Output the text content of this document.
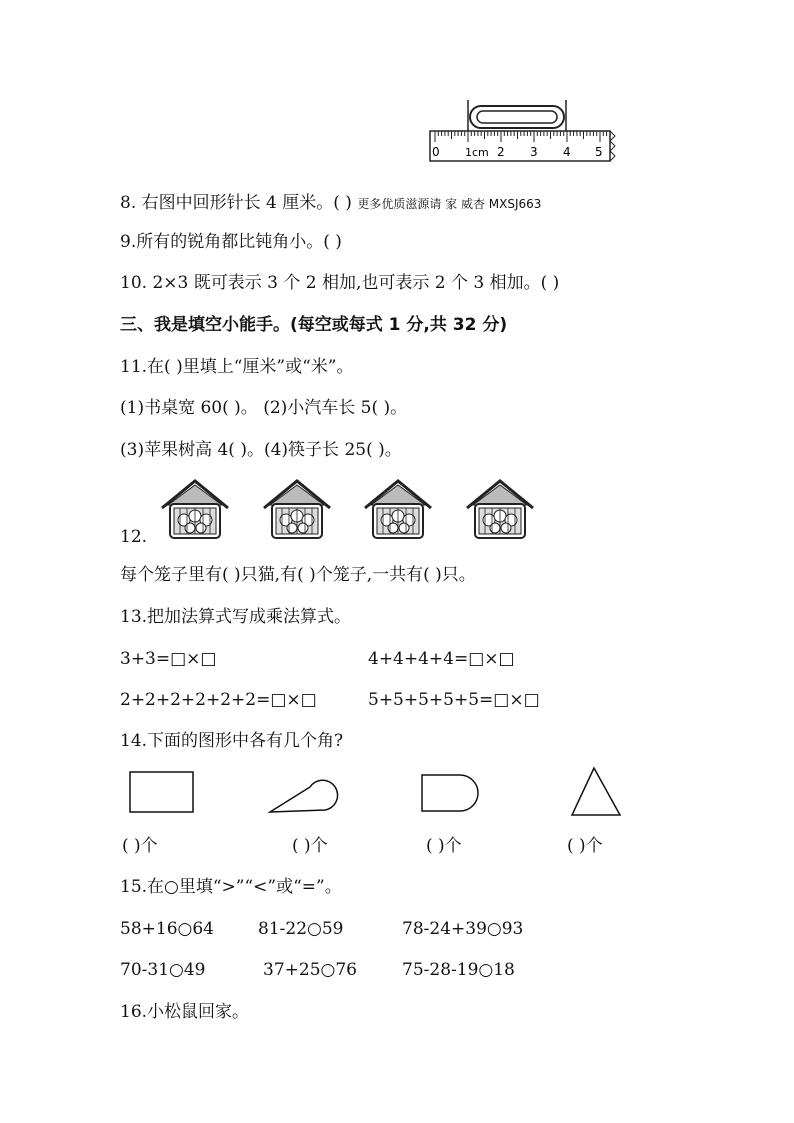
0 1cm 2 3 4 5
8. 右图中回形针长 4 厘米。( ) 更多优质滋源请 家 威杏 MXSJ663
9.所有的锐角都比钝角小。( )
10. 2×3 既可表示 3 个 2 相加,也可表示 2 个 3 相加。( )
三、我是填空小能手。(每空或每式 1 分,共 32 分)
11.在( )里填上“厘米”或“米”。
(1)书桌宽 60( )。 (2)小汽车长 5( )。
(3)苹果树高 4( )。(4)筷子长 25( )。
12.
每个笼子里有( )只猫,有( )个笼子,一共有( )只。
13.把加法算式写成乘法算式。
3+3=□×□	4+4+4+4=□×□
2+2+2+2+2+2=□×□	5+5+5+5+5=□×□
14.下面的图形中各有几个角?
( )个	( )个	( )个	( )个
15.在○里填“>”“<”或“=”。
58+16○64	81-22○59	78-24+39○93
70-31○49	37+25○76	75-28-19○18
16.小松鼠回家。
